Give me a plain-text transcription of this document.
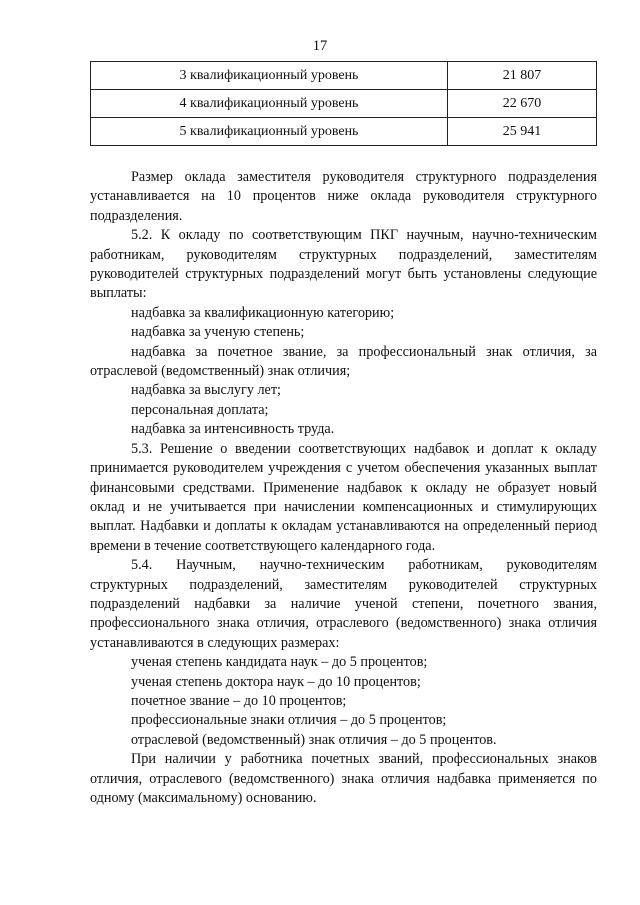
17
3 квалификационный уровень	21 807
4 квалификационный уровень	22 670
5 квалификационный уровень	25 941

Размер оклада заместителя руководителя структурного подразделения устанавливается на 10 процентов ниже оклада руководителя структурного подразделения.

5.2. К окладу по соответствующим ПКГ научным, научно-техническим работникам, руководителям структурных подразделений, заместителям руководителей структурных подразделений могут быть установлены следующие выплаты:

надбавка за квалификационную категорию;

надбавка за ученую степень;

надбавка за почетное звание, за профессиональный знак отличия, за отраслевой (ведомственный) знак отличия;

надбавка за выслугу лет;

персональная доплата;

надбавка за интенсивность труда.

5.3. Решение о введении соответствующих надбавок и доплат к окладу принимается руководителем учреждения с учетом обеспечения указанных выплат финансовыми средствами. Применение надбавок к окладу не образует новый оклад и не учитывается при начислении компенсационных и стимулирующих выплат. Надбавки и доплаты к окладам устанавливаются на определенный период времени в течение соответствующего календарного года.

5.4. Научным, научно-техническим работникам, руководителям структурных подразделений, заместителям руководителей структурных подразделений надбавки за наличие ученой степени, почетного звания, профессионального знака отличия, отраслевого (ведомственного) знака отличия устанавливаются в следующих размерах:

ученая степень кандидата наук – до 5 процентов;

ученая степень доктора наук – до 10 процентов;

почетное звание – до 10 процентов;

профессиональные знаки отличия – до 5 процентов;

отраслевой (ведомственный) знак отличия – до 5 процентов.

При наличии у работника почетных званий, профессиональных знаков отличия, отраслевого (ведомственного) знака отличия надбавка применяется по одному (максимальному) основанию.
